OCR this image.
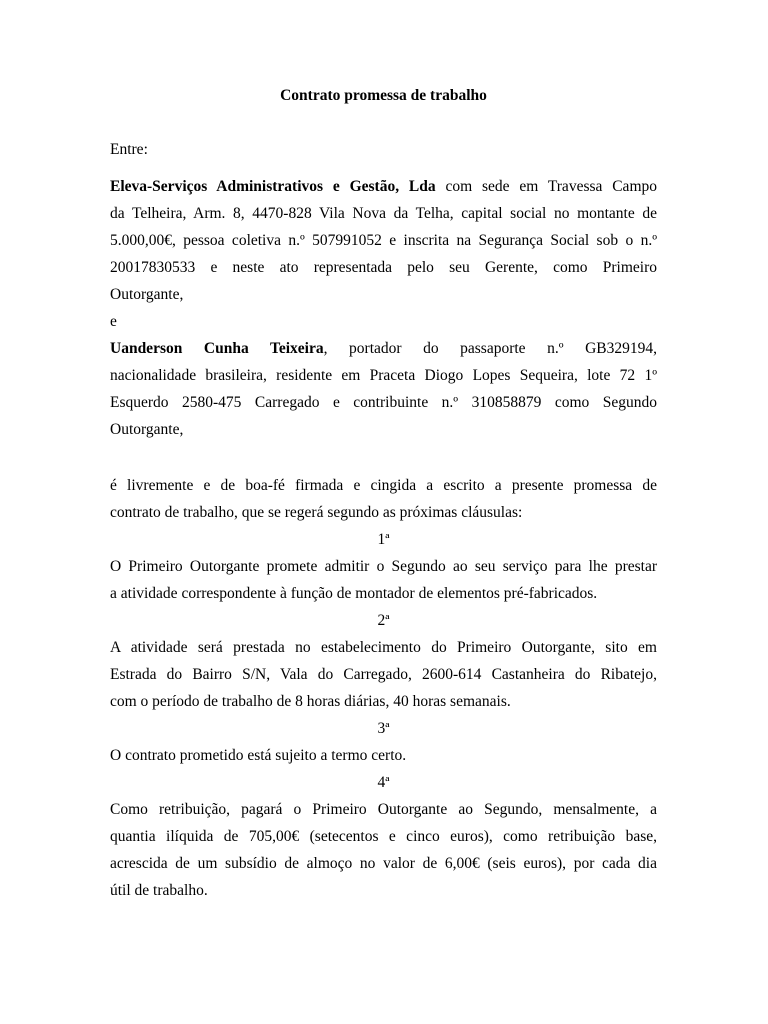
Contrato promessa de trabalho
Entre:
Eleva-Serviços Administrativos e Gestão, Lda com sede em Travessa Campo
da Telheira, Arm. 8, 4470-828 Vila Nova da Telha, capital social no montante de
5.000,00€, pessoa coletiva n.º 507991052 e inscrita na Segurança Social sob o n.º
20017830533 e neste ato representada pelo seu Gerente, como Primeiro
Outorgante,
e
Uanderson Cunha Teixeira, portador do passaporte n.º GB329194,
nacionalidade brasileira, residente em Praceta Diogo Lopes Sequeira, lote 72 1º
Esquerdo 2580-475 Carregado e contribuinte n.º 310858879 como Segundo
Outorgante,
é livremente e de boa-fé firmada e cingida a escrito a presente promessa de
contrato de trabalho, que se regerá segundo as próximas cláusulas:
1ª
O Primeiro Outorgante promete admitir o Segundo ao seu serviço para lhe prestar
a atividade correspondente à função de montador de elementos pré-fabricados.
2ª
A atividade será prestada no estabelecimento do Primeiro Outorgante, sito em
Estrada do Bairro S/N, Vala do Carregado, 2600-614 Castanheira do Ribatejo,
com o período de trabalho de 8 horas diárias, 40 horas semanais.
3ª
O contrato prometido está sujeito a termo certo.
4ª
Como retribuição, pagará o Primeiro Outorgante ao Segundo, mensalmente, a
quantia ilíquida de 705,00€ (setecentos e cinco euros), como retribuição base,
acrescida de um subsídio de almoço no valor de 6,00€ (seis euros), por cada dia
útil de trabalho.
